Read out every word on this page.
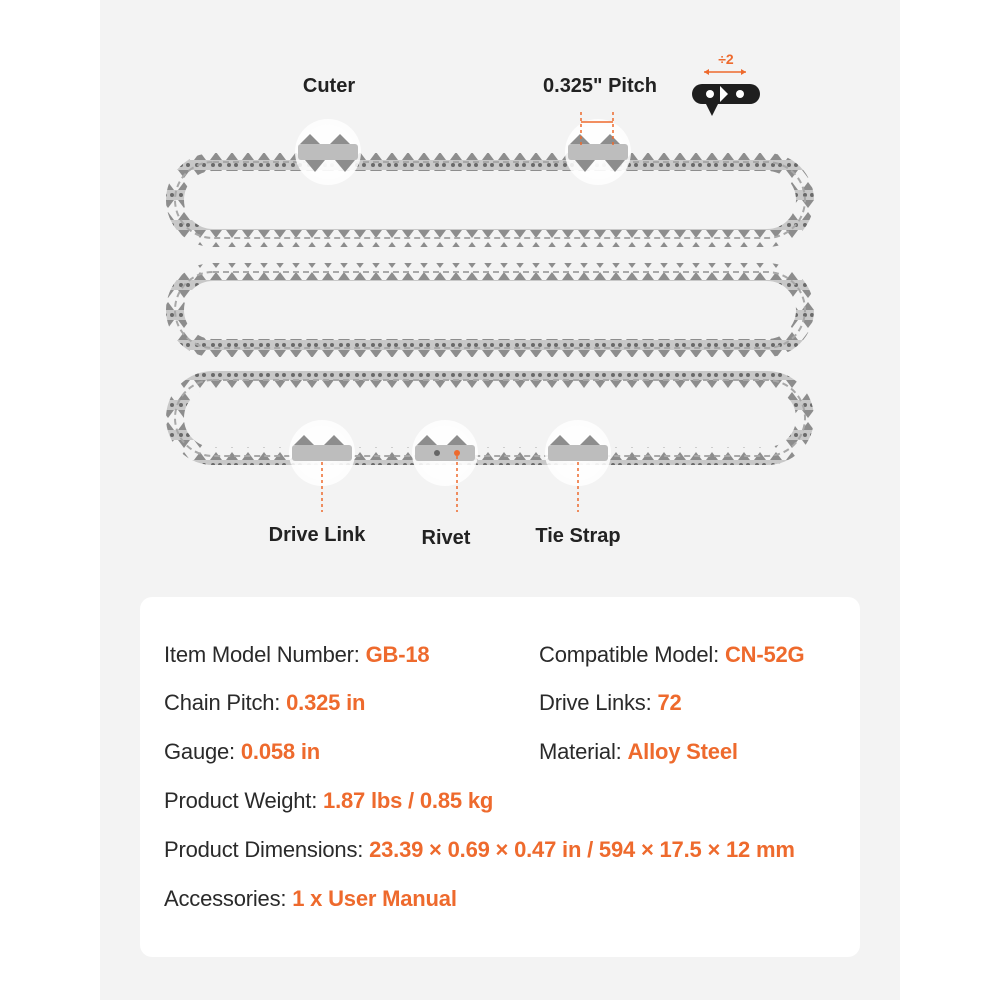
Cuter	0.325" Pitch
Drive Link	Rivet	Tie Strap
÷2
Item Model Number: GB-18	Compatible Model: CN-52G
Chain Pitch: 0.325 in	Drive Links: 72
Gauge: 0.058 in	Material: Alloy Steel
Product Weight: 1.87 lbs / 0.85 kg
Product Dimensions: 23.39 × 0.69 × 0.47 in / 594 × 17.5 × 12 mm
Accessories: 1 x User Manual
